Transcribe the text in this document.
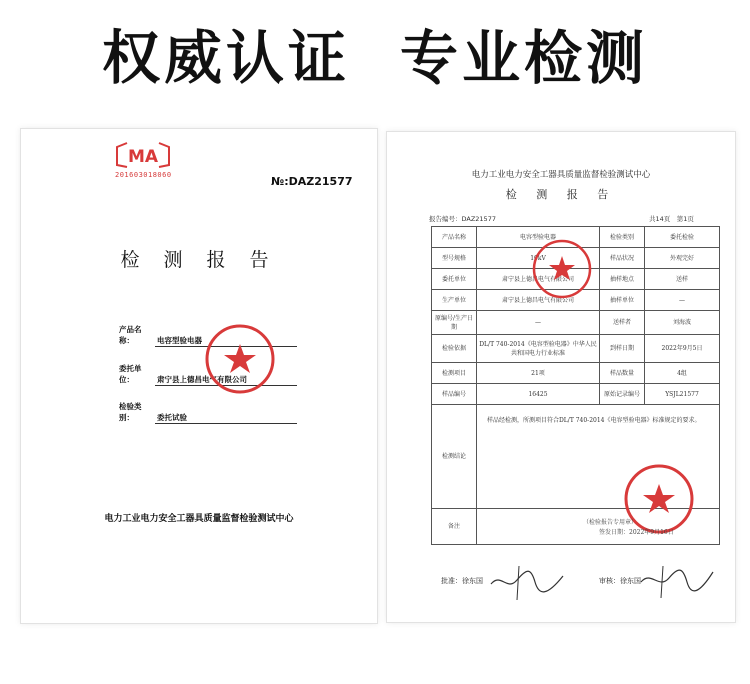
权威认证 专业检测
MA
201603018060	№:DAZ21577
检 测 报 告
产品名称：	电容型验电器
委托单位：	肃宁县上德昌电气有限公司
检验类别：	委托试验
电力工业电力安全工器具质量监督检验测试中心
电力工业电力安全工器具质量监督检验测试中心
检 测 报 告
报告编号：DAZ21577	共14页　第1页
产品名称	电容型验电器	检验类别	委托检验
型号规格	10kV	样品状况	外观完好
委托单位	肃宁县上德昌电气有限公司	抽样地点	送样
生产单位	肃宁县上德昌电气有限公司	抽样单位	—
原编号/生产日期	—	送样者	刘海波
检验依据	DL/T 740-2014《电容型验电器》中华人民共和国电力行业标准	到样日期	2022年9月5日
检测项目	21项	样品数量	4组
样品编号	16425	原始记录编号	YSJL21577
检测结论	样品经检测，所测项目符合DL/T 740-2014《电容型验电器》标准规定的要求。		
备注			
（检验报告专用章）
签发日期：2022年9月16日
批准：徐东国	审核：徐东国
